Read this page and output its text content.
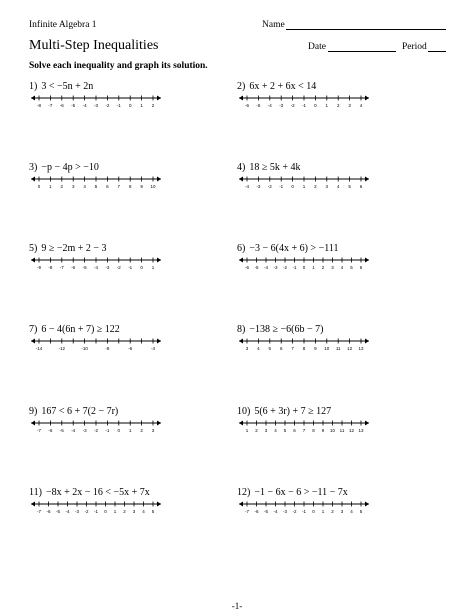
Infinite Algebra 1	Name
Multi-Step Inequalities	Date	Period
Solve each inequality and graph its solution.
1) 3 < −5n + 2n
-8 -7 -6 -5 -4 -3 -2 -1 0 1 2
2) 6x + 2 + 6x < 14
-6 -5 -4 -3 -2 -1 0 1 2 3 4
3) −p − 4p > −10
0 1 2 3 4 5 6 7 8 9 10
4) 18 ≥ 5k + 4k
-4 -3 -2 -1 0 1 2 3 4 5 6
5) 9 ≥ −2m + 2 − 3
-9 -8 -7 -6 -5 -4 -3 -2 -1 0 1
6) −3 − 6(4x + 6) > −111
-6 -5 -4 -3 -2 -1 0 1 2 3 4 5 6
7) 6 − 4(6n + 7) ≥ 122
-14	-12	-10	-8	-6	-4
8) −138 ≥ −6(6b − 7)
3 4 5 6 7 8 9 10 11 12 13
9) 167 < 6 + 7(2 − 7r)
-7 -6 -5 -4 -3 -2 -1 0 1 2 3
10) 5(6 + 3r) + 7 ≥ 127
1 2 3 4 5 6 7 8 9 10 11 12 13
11) −8x + 2x − 16 < −5x + 7x
-7 -6 -5 -4 -3 -2 -1 0 1 2 3 4 5
12) −1 − 6x − 6 > −11 − 7x
-7 -6 -5 -4 -3 -2 -1 0 1 2 3 4 5
-1-
